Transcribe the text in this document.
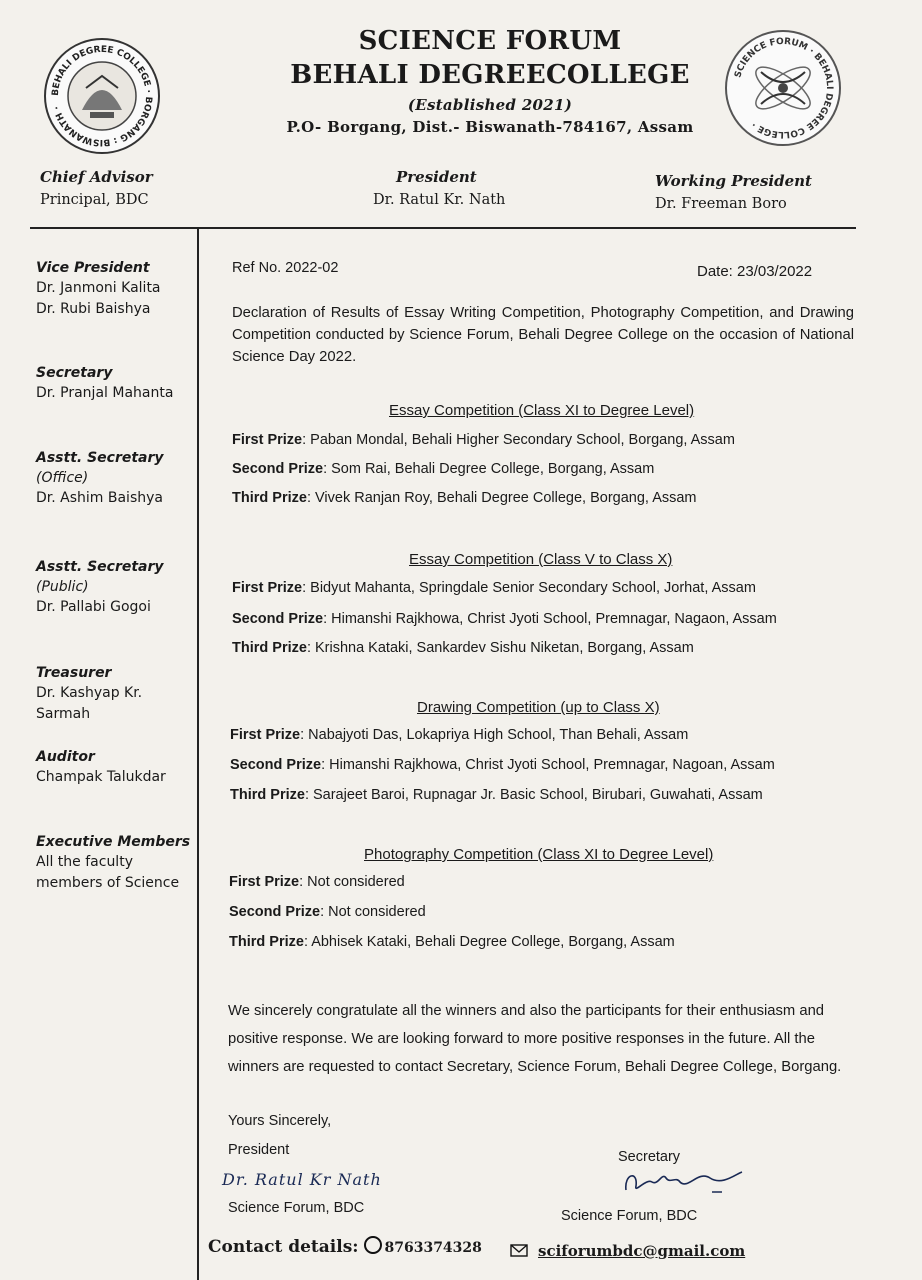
BEHALI DEGREE COLLEGE · BORGANG : BISWANATH ·
SCIENCE FORUM · BEHALI DEGREE COLLEGE ·
SCIENCE FORUM
BEHALI DEGREECOLLEGE
(Established 2021)
P.O- Borgang, Dist.- Biswanath-784167, Assam
Chief Advisor
Principal, BDC
President
Dr. Ratul Kr. Nath
Working President
Dr. Freeman Boro
Vice President
Dr. Janmoni Kalita
Dr. Rubi Baishya
Secretary
Dr. Pranjal Mahanta
Asstt. Secretary
(Office)
Dr. Ashim Baishya
Asstt. Secretary
(Public)
Dr. Pallabi Gogoi
Treasurer
Dr. Kashyap Kr. Sarmah
Auditor
Champak Talukdar
Executive Members
All the faculty
members of Science
Ref No. 2022-02	Date: 23/03/2022
Declaration of Results of Essay Writing Competition, Photography Competition, and Drawing Competition conducted by Science Forum, Behali Degree College on the occasion of National Science Day 2022.
Essay Competition (Class XI to Degree Level)
First Prize: Paban Mondal, Behali Higher Secondary School, Borgang, Assam
Second Prize: Som Rai, Behali Degree College, Borgang, Assam
Third Prize: Vivek Ranjan Roy, Behali Degree College, Borgang, Assam
Essay Competition (Class V to Class X)
First Prize: Bidyut Mahanta, Springdale Senior Secondary School, Jorhat, Assam
Second Prize: Himanshi Rajkhowa, Christ Jyoti School, Premnagar, Nagaon, Assam
Third Prize: Krishna Kataki, Sankardev Sishu Niketan, Borgang, Assam
Drawing Competition (up to Class X)
First Prize: Nabajyoti Das, Lokapriya High School, Than Behali, Assam
Second Prize: Himanshi Rajkhowa, Christ Jyoti School, Premnagar, Nagoan, Assam
Third Prize: Sarajeet Baroi, Rupnagar Jr. Basic School, Birubari, Guwahati, Assam
Photography Competition (Class XI to Degree Level)
First Prize: Not considered
Second Prize: Not considered
Third Prize: Abhisek Kataki, Behali Degree College, Borgang, Assam
We sincerely congratulate all the winners and also the participants for their enthusiasm and positive response. We are looking forward to more positive responses in the future. All the winners are requested to contact Secretary, Science Forum, Behali Degree College, Borgang.
Yours Sincerely,
President
Dr. Ratul Kr Nath
Science Forum, BDC
Secretary
Science Forum, BDC
Contact details: 8763374328	sciforumbdc@gmail.com
